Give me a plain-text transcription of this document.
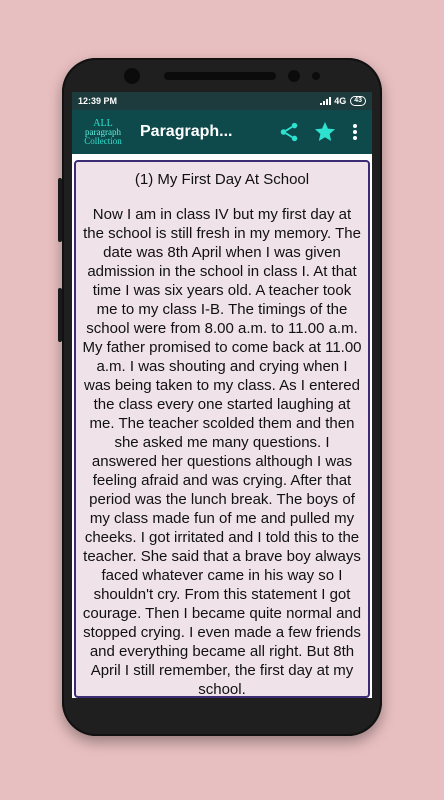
12:39 PM	4G	43
ALL
paragraph
Collection
Paragraph...
(1) My First Day At School

Now I am in class IV but my first day at the school is still fresh in my memory. The date was 8th April when I was given admission in the school in class I. At that time I was six years old. A teacher took me to my class I-B. The timings of the school were from 8.00 a.m. to 11.00 a.m. My father promised to come back at 11.00 a.m. I was shouting and crying when I was being taken to my class. As I entered the class every one started laughing at me. The teacher scolded them and then she asked me many questions. I answered her questions although I was feeling afraid and was crying. After that period was the lunch break. The boys of my class made fun of me and pulled my cheeks. I got irritated and I told this to the teacher. She said that a brave boy always faced whatever came in his way so I shouldn't cry. From this statement I got courage. Then I became quite normal and stopped crying. I even made a few friends and everything became all right. But 8th April I still remember, the first day at my school.
